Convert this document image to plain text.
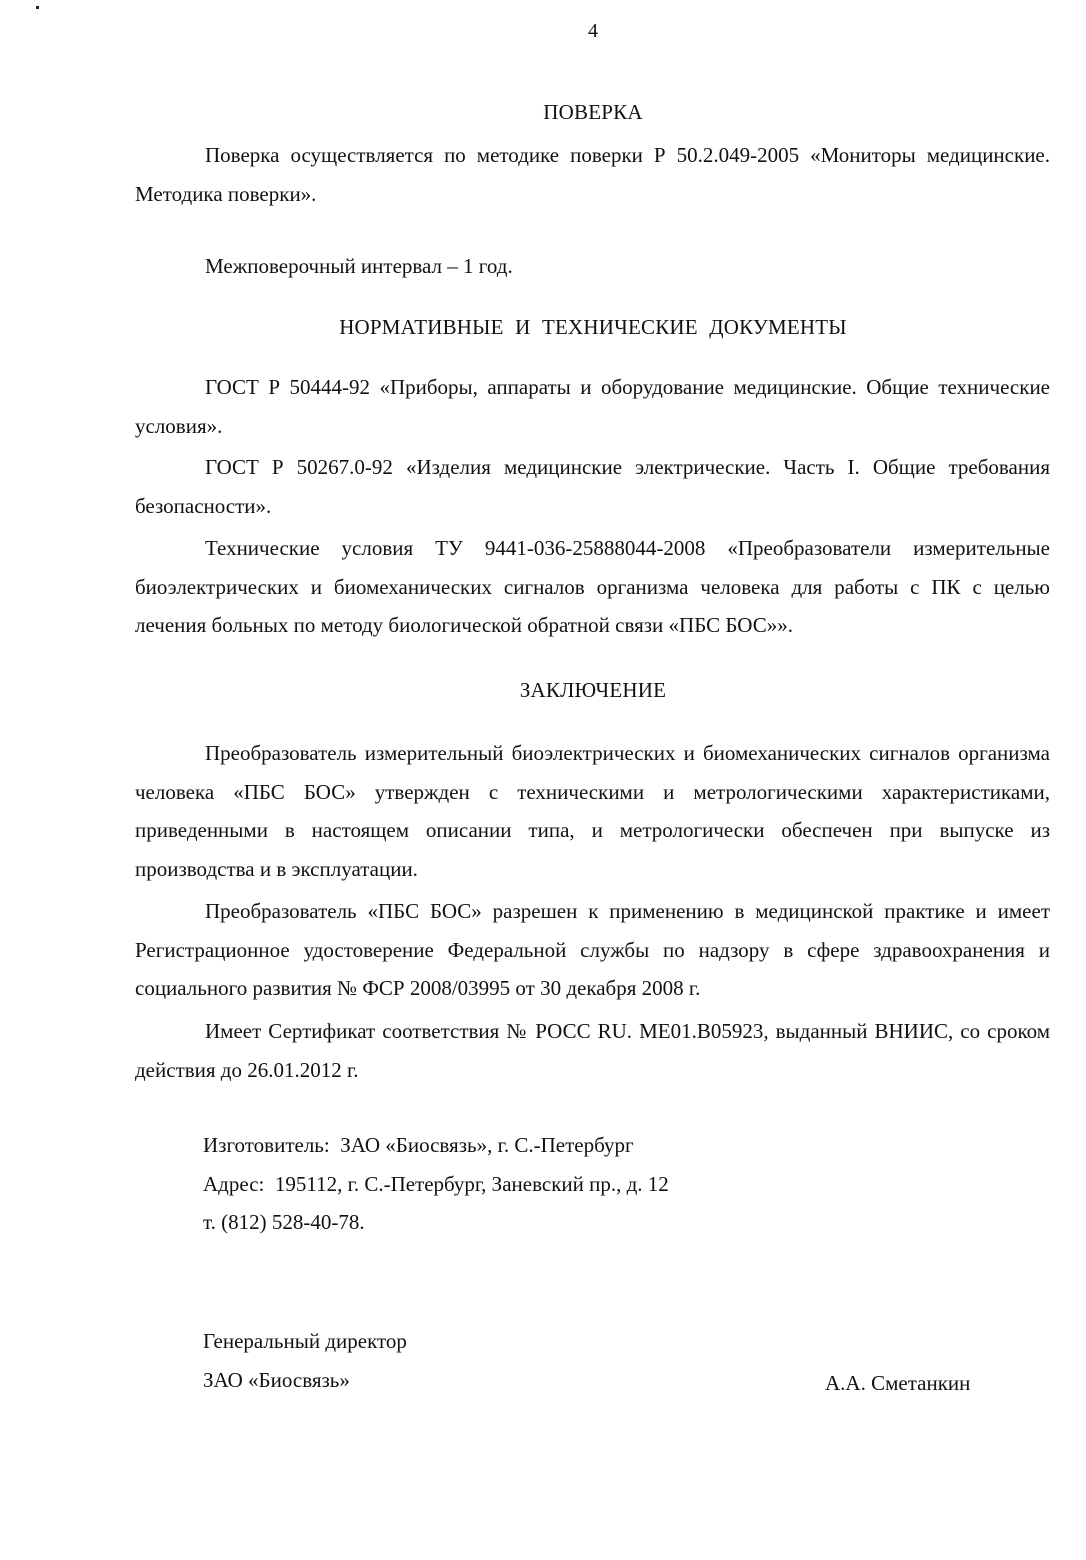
4
ПОВЕРКА

Поверка осуществляется по методике поверки Р 50.2.049-2005 «Мониторы медицинские. Методика поверки».

Межповерочный интервал – 1 год.

НОРМАТИВНЫЕ И ТЕХНИЧЕСКИЕ ДОКУМЕНТЫ

ГОСТ Р 50444-92 «Приборы, аппараты и оборудование медицинские. Общие технические условия».

ГОСТ Р 50267.0-92 «Изделия медицинские электрические. Часть I. Общие требования безопасности».

Технические условия ТУ 9441-036-25888044-2008 «Преобразователи измерительные биоэлектрических и биомеханических сигналов организма человека для работы с ПК с целью лечения больных по методу биологической обратной связи «ПБС БОС»».

ЗАКЛЮЧЕНИЕ

Преобразователь измерительный биоэлектрических и биомеханических сигналов организма человека «ПБС БОС» утвержден с техническими и метрологическими характеристиками, приведенными в настоящем описании типа, и метрологически обеспечен при выпуске из производства и в эксплуатации.

Преобразователь «ПБС БОС» разрешен к применению в медицинской практике и имеет Регистрационное удостоверение Федеральной службы по надзору в сфере здравоохранения и социального развития № ФСР 2008/03995 от 30 декабря 2008 г.

Имеет Сертификат соответствия № РОСС RU. МЕ01.В05923, выданный ВНИИС, со сроком действия до 26.01.2012 г.

Изготовитель:  ЗАО «Биосвязь», г. С.-Петербург
Адрес:  195112, г. С.-Петербург, Заневский пр., д. 12
т. (812) 528-40-78.
Генеральный директор
ЗАО «Биосвязь»	А.А. Сметанкин
